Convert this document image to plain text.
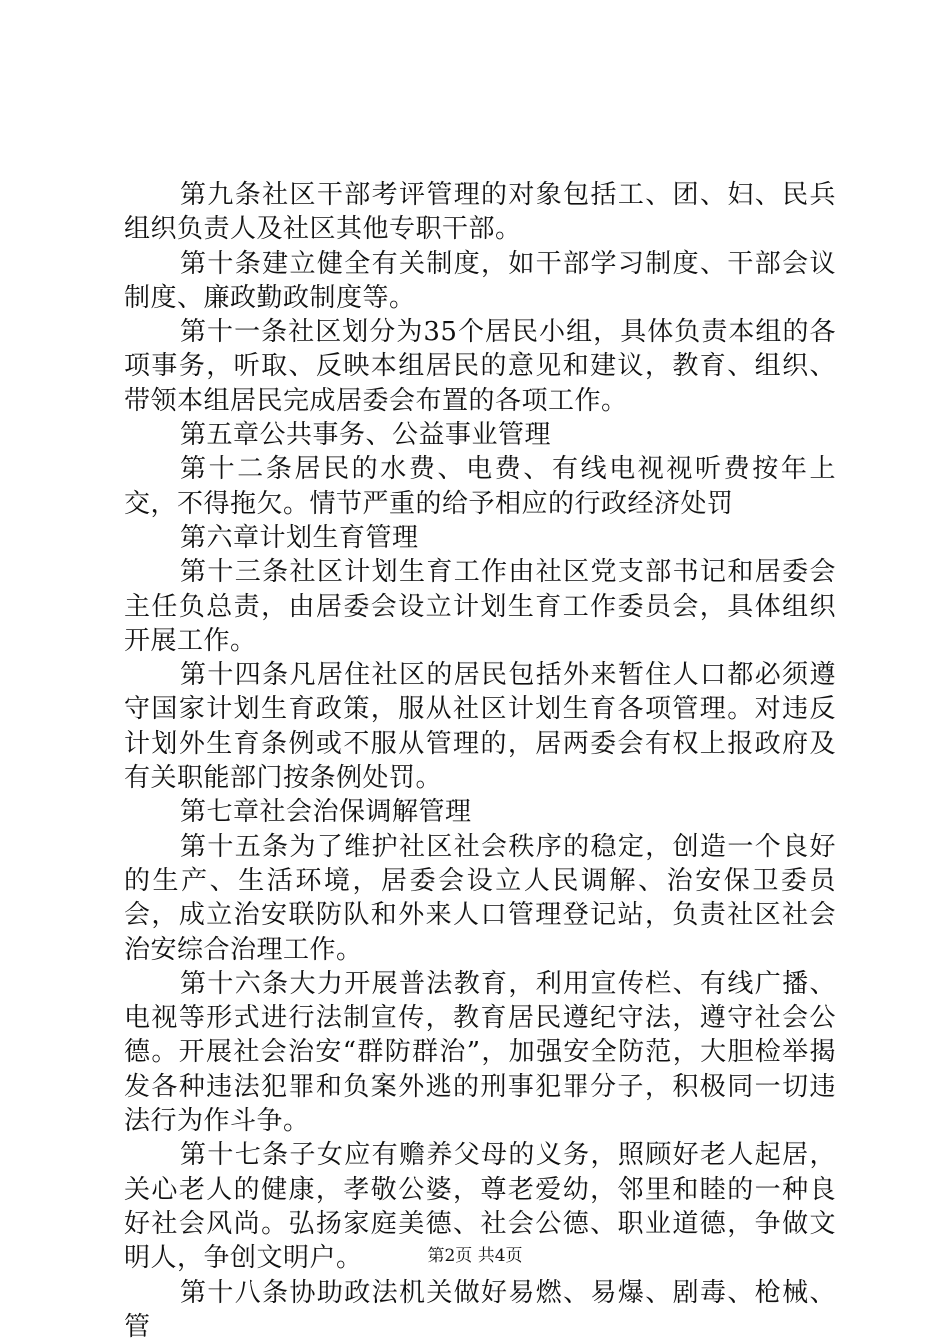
第九条社区干部考评管理的对象包括工、团、妇、民兵组织负责人及社区其他专职干部。

第十条建立健全有关制度，如干部学习制度、干部会议制度、廉政勤政制度等。

第十一条社区划分为35个居民小组，具体负责本组的各项事务，听取、反映本组居民的意见和建议，教育、组织、带领本组居民完成居委会布置的各项工作。

第五章公共事务、公益事业管理

第十二条居民的水费、电费、有线电视视听费按年上交，不得拖欠。情节严重的给予相应的行政经济处罚

第六章计划生育管理

第十三条社区计划生育工作由社区党支部书记和居委会主任负总责，由居委会设立计划生育工作委员会，具体组织开展工作。

第十四条凡居住社区的居民包括外来暂住人口都必须遵守国家计划生育政策，服从社区计划生育各项管理。对违反计划外生育条例或不服从管理的，居两委会有权上报政府及有关职能部门按条例处罚。

第七章社会治保调解管理

第十五条为了维护社区社会秩序的稳定，创造一个良好的生产、生活环境，居委会设立人民调解、治安保卫委员会，成立治安联防队和外来人口管理登记站，负责社区社会治安综合治理工作。

第十六条大力开展普法教育，利用宣传栏、有线广播、电视等形式进行法制宣传，教育居民遵纪守法，遵守社会公德。开展社会治安“群防群治”，加强安全防范，大胆检举揭发各种违法犯罪和负案外逃的刑事犯罪分子，积极同一切违法行为作斗争。

第十七条子女应有赡养父母的义务，照顾好老人起居，关心老人的健康，孝敬公婆，尊老爱幼，邻里和睦的一种良好社会风尚。弘扬家庭美德、社会公德、职业道德，争做文明人，争创文明户。

第十八条协助政法机关做好易燃、易爆、剧毒、枪械、管

第2页 共4页
